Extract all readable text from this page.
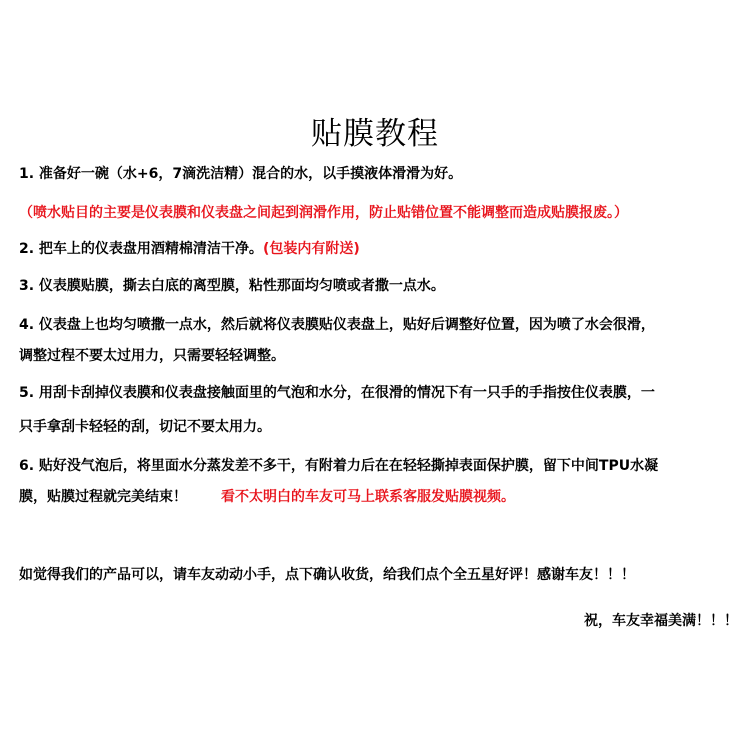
贴膜教程
1. 准备好一碗（水+6，7滴洗洁精）混合的水，以手摸液体滑滑为好。
（喷水贴目的主要是仪表膜和仪表盘之间起到润滑作用，防止贴错位置不能调整而造成贴膜报废。）
2. 把车上的仪表盘用酒精棉清洁干净。(包装内有附送)
3. 仪表膜贴膜，撕去白底的离型膜，粘性那面均匀喷或者撒一点水。
4. 仪表盘上也均匀喷撒一点水，然后就将仪表膜贴仪表盘上，贴好后调整好位置，因为喷了水会很滑，
调整过程不要太过用力，只需要轻轻调整。
5. 用刮卡刮掉仪表膜和仪表盘接触面里的气泡和水分，在很滑的情况下有一只手的手指按住仪表膜，一
只手拿刮卡轻轻的刮，切记不要太用力。
6. 贴好没气泡后，将里面水分蒸发差不多干，有附着力后在在轻轻撕掉表面保护膜，留下中间TPU水凝
膜，贴膜过程就完美结束！ 看不太明白的车友可马上联系客服发贴膜视频。
如觉得我们的产品可以，请车友动动小手，点下确认收货，给我们点个全五星好评！感谢车友！！！
祝，车友幸福美满！！！
